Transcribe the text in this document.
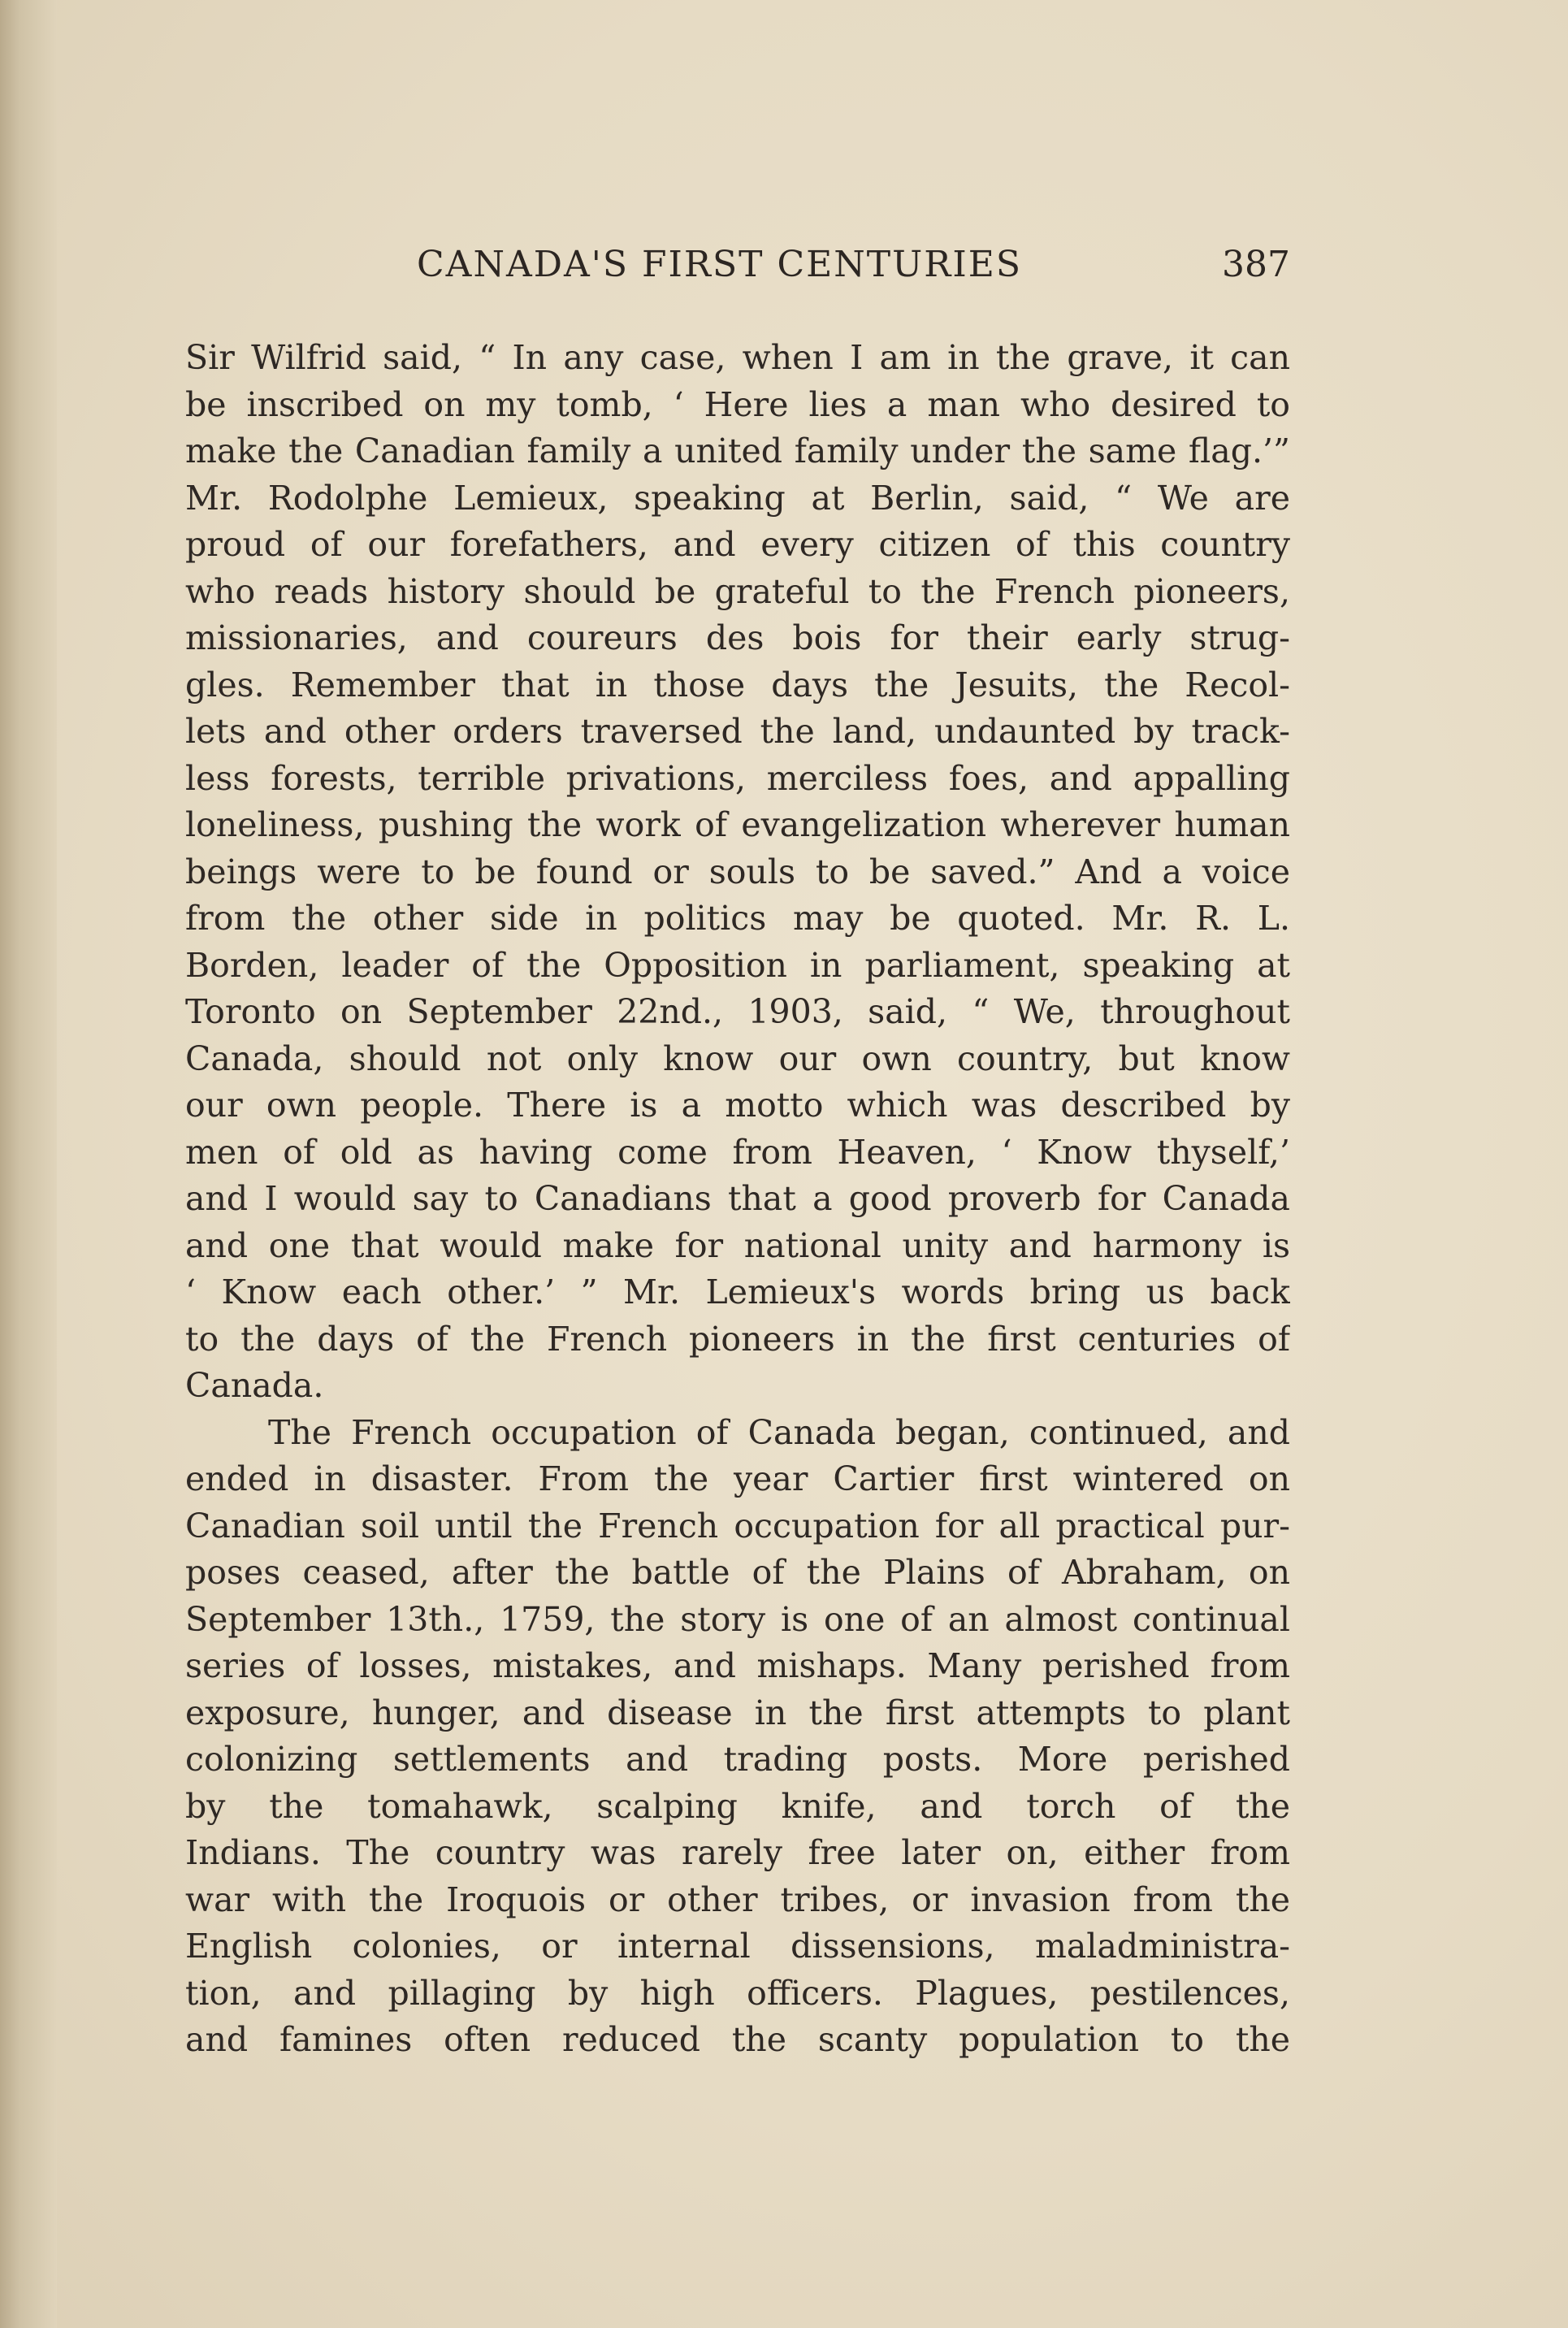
CANADA'S FIRST CENTURIES	387
Sir Wilfrid said, “ In any case, when I am in the grave, it can
be inscribed on my tomb, ‘ Here lies a man who desired to
make the Canadian family a united family under the same flag.’”
Mr. Rodolphe Lemieux, speaking at Berlin, said, “ We are
proud of our forefathers, and every citizen of this country
who reads history should be grateful to the French pioneers,
missionaries, and coureurs des bois for their early strug-
gles. Remember that in those days the Jesuits, the Recol-
lets and other orders traversed the land, undaunted by track-
less forests, terrible privations, merciless foes, and appalling
loneliness, pushing the work of evangelization wherever human
beings were to be found or souls to be saved.” And a voice
from the other side in politics may be quoted. Mr. R. L.
Borden, leader of the Opposition in parliament, speaking at
Toronto on September 22nd., 1903, said, “ We, throughout
Canada, should not only know our own country, but know
our own people. There is a motto which was described by
men of old as having come from Heaven, ‘ Know thyself,’
and I would say to Canadians that a good proverb for Canada
and one that would make for national unity and harmony is
‘ Know each other.’ ” Mr. Lemieux's words bring us back
to the days of the French pioneers in the first centuries of
Canada.
The French occupation of Canada began, continued, and
ended in disaster. From the year Cartier first wintered on
Canadian soil until the French occupation for all practical pur-
poses ceased, after the battle of the Plains of Abraham, on
September 13th., 1759, the story is one of an almost continual
series of losses, mistakes, and mishaps. Many perished from
exposure, hunger, and disease in the first attempts to plant
colonizing settlements and trading posts. More perished
by the tomahawk, scalping knife, and torch of the
Indians. The country was rarely free later on, either from
war with the Iroquois or other tribes, or invasion from the
English colonies, or internal dissensions, maladministra-
tion, and pillaging by high officers. Plagues, pestilences,
and famines often reduced the scanty population to the
